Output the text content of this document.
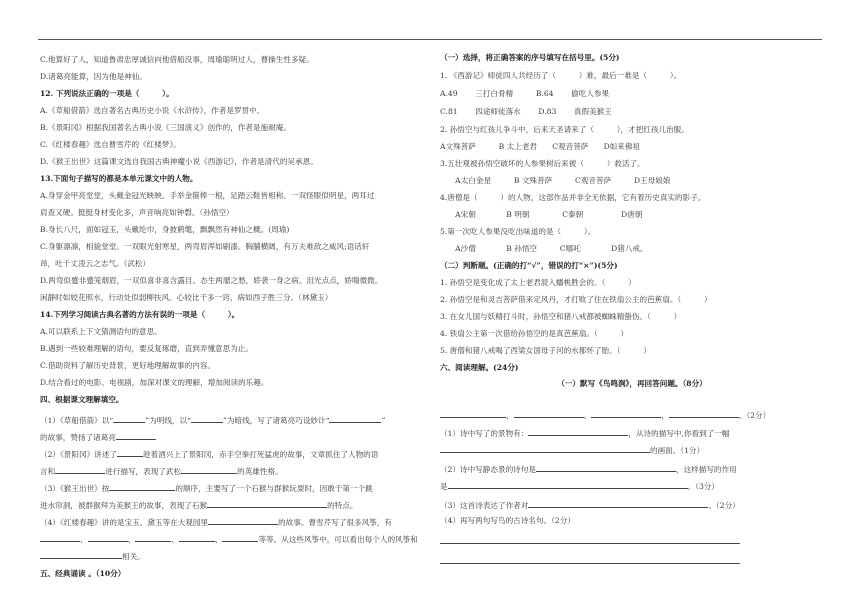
C.他算好了人，知道鲁肃忠厚诚信向他借船没事，周瑜聪明过人，曹操生性多疑。
D.诸葛亮能算，因为他是神仙。
12. 下列说法正确的一项是（　　　）。
A.《草船借箭》选自著名古典历史小说《水浒传》，作者是罗贯中。
B.《景阳冈》根据我国著名古典小说《三国演义》创作的，作者是施耐庵。
C.《红楼春趣》选自曹雪芹的《红楼梦》。
D.《猴王出世》这篇课文选自我国古典神魔小说《西游记》，作者是清代的吴承恩。
13.下面句子描写的都是本单元课文中的人物。
A.身穿金甲亮堂堂，头戴金冠光映映。手举金箍棒一根，足踏云鞋皆相称。一双怪眼似明星，两耳过
肩查又硬。挺挺身材变化多，声音响亮如钟磬。（孙悟空）
B.身长八尺，面如冠玉，头戴纶巾，身披鹤氅，飘飘然有神仙之概。(周瑜)
C.身躯凛凛，相貌堂堂。一双眼光射寒星，两弯眉浑如刷漆。胸脯横阔，有万夫难敌之威风;语话轩
昂，吐千丈凌云之志气。（武松）
D.两弯似蹙非蹙笼烟眉，一双似喜非喜含露目。态生两靥之愁，娇袭一身之病。泪光点点，娇喘微微。
闲静时如姣花照水，行动处似弱柳扶风。心较比干多一窍，病如西子胜三分。（林黛玉）
14.下列学习阅读古典名著的方法有误的一项是（　　　）。
A.可以联系上下文猜测语句的意思。
B.遇到一些较难理解的语句，要反复琢磨，直到弄懂意思为止。
C.借助资料了解历史背景，更好地理解故事的内容。
D.结合看过的电影、电视剧，加深对课文的理解，增加阅读的乐趣。
四、根据课文理解填空。
（1）《草船借箭》以“	”为明线，以“	”为暗线，写了诸葛亮巧设妙计“	”
的故事，赞扬了诸葛亮
（2）《景阳冈》讲述了	趁着酒兴上了景阳冈，赤手空拳打死猛虎的故事，文章抓住了人物的语
言和	进行描写，表现了武松	的英雄性格。
（3）《猴王出世》按	的顺序，主要写了一个石猴与群猴玩耍时，因敢于第一个跳
进水帘洞，被群猴拜为美猴王的故事，表现了石猴	的特点。
（4）《红楼春趣》讲的是宝玉、黛玉等在大观园里	的故事。曹雪芹写了很多风筝，有
、	、	、	、	等等。从这些风筝中，可以看出每个人的风筝和
相关。
五、经典诵读 。（10分）
（一）选择，将正确答案的序号填写在括号里。(5分)
1. 《西游记》师徒四人共经历了（　　　）难，最后一难是（　　　）。
A.49　　 三打白骨精　　　B.64　　 偷吃人参果
C.81　　 四途师徒落水　　 D.83　　 真假美猴王
2. 孙悟空与红孩儿争斗中，后来天圣请来了（　　　），才把红孩儿治服。
A文殊菩萨　　　B 太上老君　　C观音菩萨　　D如来佛祖
3.五壮观被孙悟空破坏的人参果树后来被（　　　）救活了。
　　A太白金星　　　B 文殊菩萨　　　C观音菩萨　　　D王母娘娘
4.唐僧是（　　　）的人物，这部作品并非全无依据，它有着历史真实的影子。
　　A宋朝　　　　B 明朝　　　　 C秦朝　　　　　D唐朝
5.第一次吃人参果没吃出味道的是（　　　）。
　　A沙僧　　　　B 孙悟空　　　C哪吒　　　　D猪八戒。
（二）判断题。(正确的打“√”，错误的打“×”)(5分)
1. 孙悟空是变化成了太上老君混入蟠桃胜会的。（　　　）
2. 孙悟空是和灵吉菩萨借来定风丹，才打败了住在铁扇公主的芭蕉扇。（　　　）
3. 在女儿国与妖精打斗时，孙悟空和猪八戒都被蜘蛛精蛰伤。（　　　）
4. 铁扇公主第一次借给孙悟空的是真芭蕉扇。（　　　）
5. 唐僧和猪八戒喝了西梁女国母子河的水都怀了胎。（　　　）
六、阅读理解。(24分)
（一）默写《鸟鸣涧》，再回答问题。（8分）
，	。	，	。（2分）
（1）诗中写了的景物有：	，从诗的描写中,你看到了一幅
的画面。（1分）
（2）诗中写静态景的诗句是	，这样描写的作用
是	。（3分）
（3）这首诗表达了作者对	。（2分）
（4）再写两句写鸟的古诗名句。（2分）
